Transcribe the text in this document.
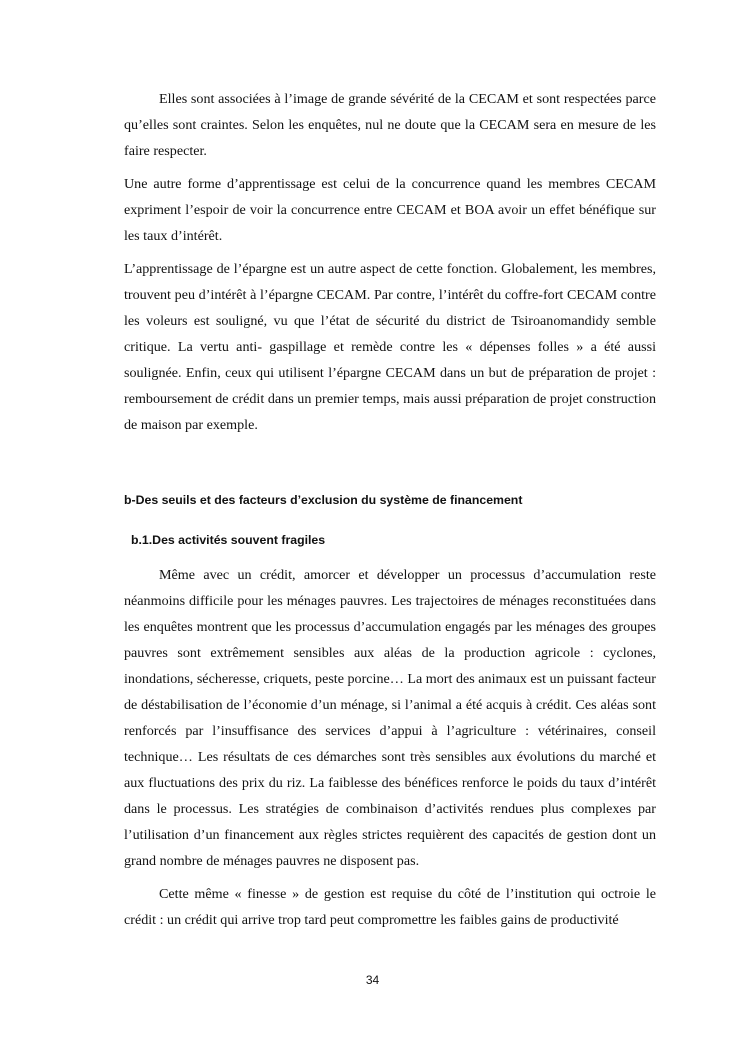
Elles sont associées à l’image de grande sévérité de la CECAM et sont respectées parce qu’elles sont craintes. Selon les enquêtes, nul ne doute que la CECAM sera en mesure de les faire respecter.

Une autre forme d’apprentissage est celui de la concurrence quand les membres CECAM expriment l’espoir de voir la concurrence entre CECAM et BOA avoir un effet bénéfique sur les taux d’intérêt.

L’apprentissage de l’épargne est un autre aspect de cette fonction. Globalement, les membres, trouvent peu d’intérêt à l’épargne CECAM. Par contre, l’intérêt du coffre-fort CECAM contre les voleurs est souligné, vu que l’état de sécurité du district de Tsiroanomandidy semble critique. La vertu anti- gaspillage et remède contre les « dépenses folles » a été aussi soulignée. Enfin, ceux qui utilisent l’épargne CECAM dans un but de préparation de projet : remboursement de crédit dans un premier temps, mais aussi préparation de projet construction de maison par exemple.

b-Des seuils et des facteurs d’exclusion du système de financement
b.1.Des activités souvent fragiles

Même avec un crédit, amorcer et développer un processus d’accumulation reste néanmoins difficile pour les ménages pauvres. Les trajectoires de ménages reconstituées dans les enquêtes montrent que les processus d’accumulation engagés par les ménages des groupes pauvres sont extrêmement sensibles aux aléas de la production agricole : cyclones, inondations, sécheresse, criquets, peste porcine… La mort des animaux est un puissant facteur de déstabilisation de l’économie d’un ménage, si l’animal a été acquis à crédit. Ces aléas sont renforcés par l’insuffisance des services d’appui à l’agriculture : vétérinaires, conseil technique… Les résultats de ces démarches sont très sensibles aux évolutions du marché et aux fluctuations des prix du riz. La faiblesse des bénéfices renforce le poids du taux d’intérêt dans le processus. Les stratégies de combinaison d’activités rendues plus complexes par l’utilisation d’un financement aux règles strictes requièrent des capacités de gestion dont un grand nombre de ménages pauvres ne disposent pas.

Cette même « finesse » de gestion est requise du côté de l’institution qui octroie le crédit : un crédit qui arrive trop tard peut compromettre les faibles gains de productivité

34
